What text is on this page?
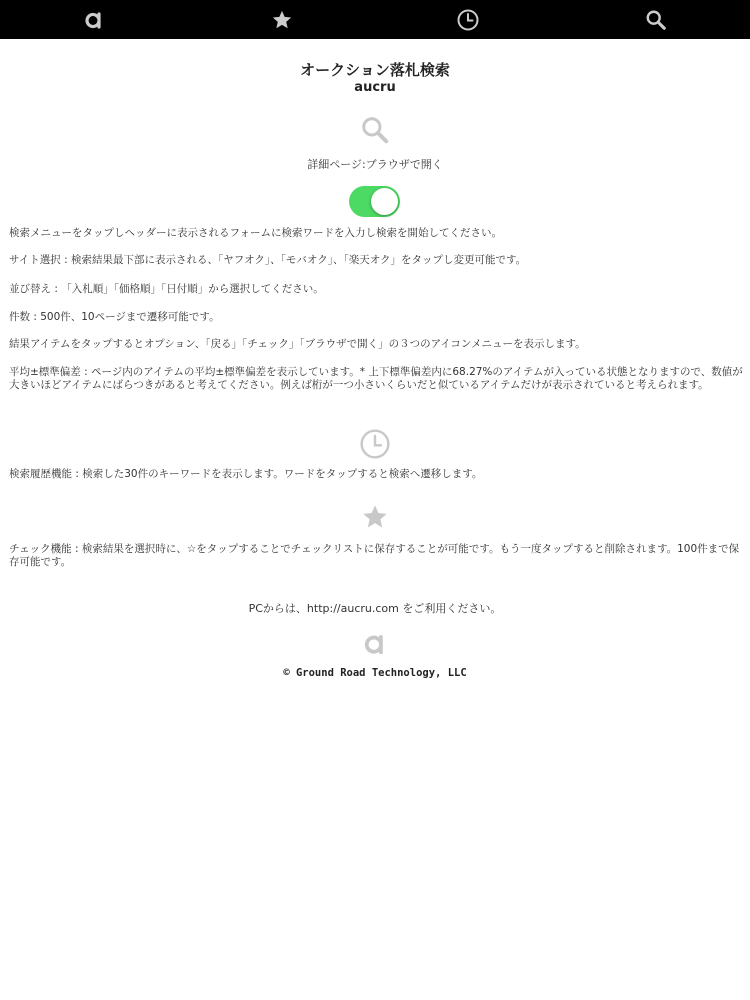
オークション落札検索
aucru
詳細ページ:ブラウザで開く
検索メニューをタップしヘッダーに表示されるフォームに検索ワードを入力し検索を開始してください。
サイト選択 : 検索結果最下部に表示される、「ヤフオク」、「モバオク」、「楽天オク」をタップし変更可能です。
並び替え : 「入札順」「価格順」「日付順」から選択してください。
件数 : 500件、10ページまで遷移可能です。
結果アイテムをタップするとオプション、「戻る」「チェック」「ブラウザで開く」の３つのアイコンメニューを表示します。
平均±標準偏差 : ページ内のアイテムの平均±標準偏差を表示しています。* 上下標準偏差内に68.27%のアイテムが入っている状態となりますので、数値が大きいほどアイテムにばらつきがあると考えてください。例えば桁が一つ小さいくらいだと似ているアイテムだけが表示されていると考えられます。
検索履歴機能 : 検索した30件のキーワードを表示します。ワードをタップすると検索へ遷移します。
チェック機能 : 検索結果を選択時に、☆をタップすることでチェックリストに保存することが可能です。もう一度タップすると削除されます。100件まで保存可能です。
PCからは、http://aucru.com をご利用ください。
© Ground Road Technology, LLC
